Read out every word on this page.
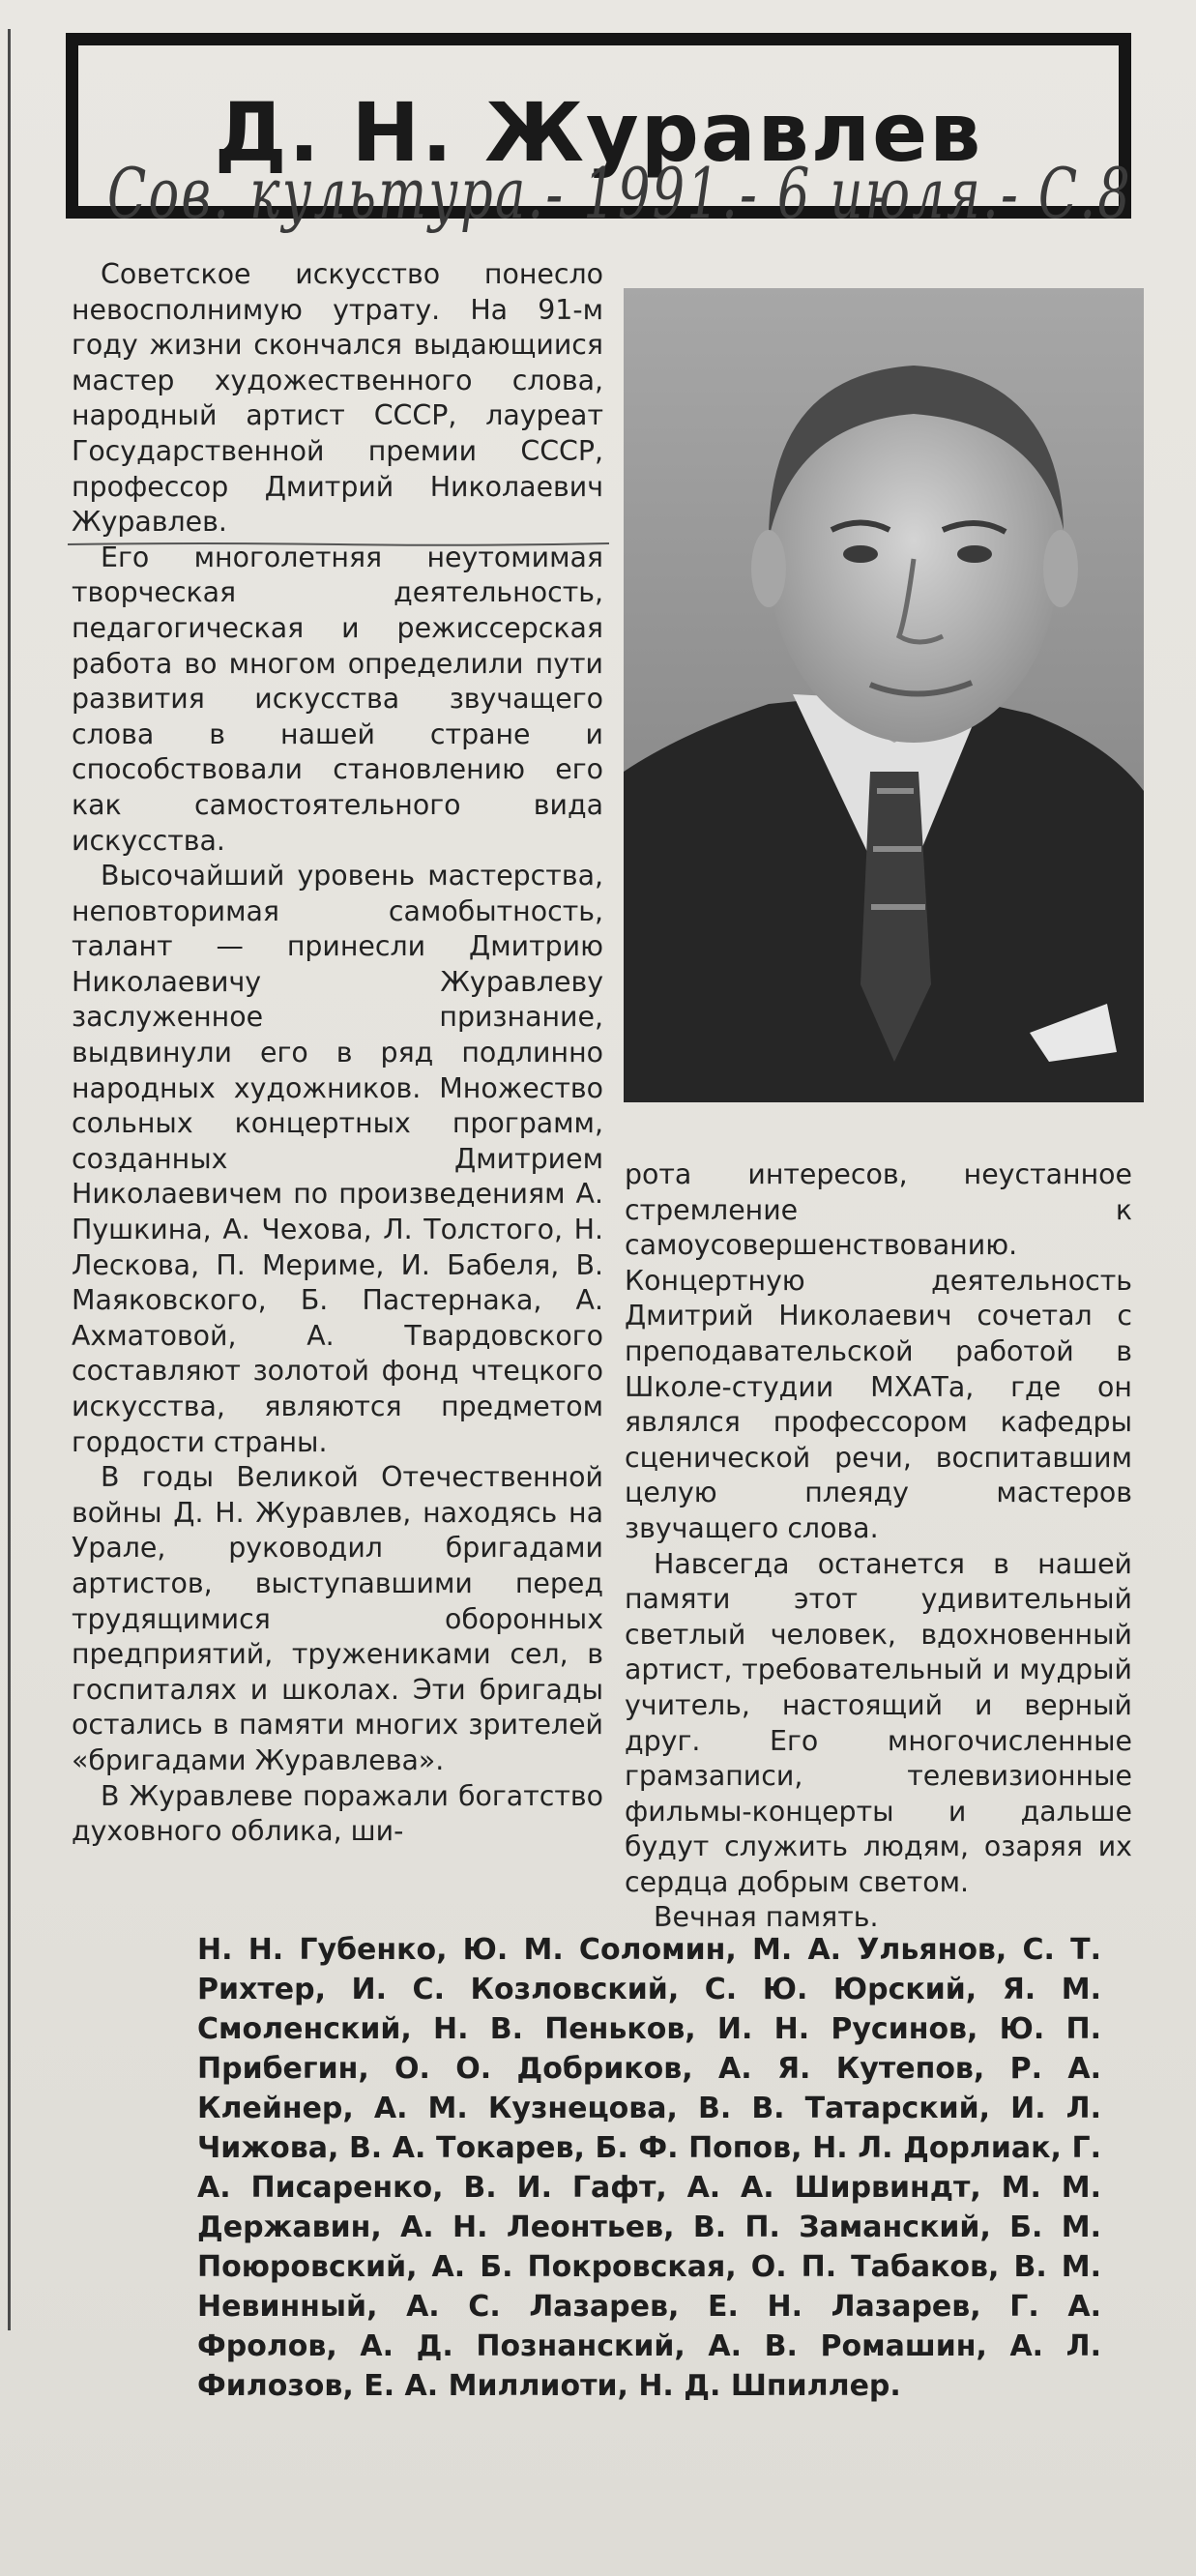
Д. Н. Журавлев
Сов. культура.- 1991.- 6 июля.- С.8

Советское искусство понесло невосполнимую утрату. На 91-м году жизни скончался выдающиися мастер художественного слова, народный артист СССР, лауреат Государственной премии СССР, профессор Дмитрий Николаевич Журавлев.

Его многолетняя неутомимая творческая деятельность, педагогическая и режиссерская работа во многом определили пути развития искусства звучащего слова в нашей стране и способствовали становлению его как самостоятельного вида искусства.

Высочайший уровень мастерства, неповторимая самобытность, талант — принесли Дмитрию Николаевичу Журавлеву заслуженное признание, выдвинули его в ряд подлинно народных художников. Множество сольных концертных программ, созданных Дмитрием Николаевичем по произведениям А. Пушкина, А. Чехова, Л. Толстого, Н. Лескова, П. Мериме, И. Бабеля, В. Маяковского, Б. Пастернака, А. Ахматовой, А. Твардовского составляют золотой фонд чтецкого искусства, являются предметом гордости страны.

В годы Великой Отечественной войны Д. Н. Журавлев, находясь на Урале, руководил бригадами артистов, выступавшими перед трудящимися оборонных предприятий, тружениками сел, в госпиталях и школах. Эти бригады остались в памяти многих зрителей «бригадами Журавлева».

В Журавлеве поражали богатство духовного облика, ши-

рота интересов, неустанное стремление к самоусовершенствованию. Концертную деятельность Дмитрий Николаевич сочетал с преподавательской работой в Школе-студии МХАТа, где он являлся профессором кафедры сценической речи, воспитавшим целую плеяду мастеров звучащего слова.

Навсегда останется в нашей памяти этот удивительный светлый человек, вдохновенный артист, требовательный и мудрый учитель, настоящий и верный друг. Его многочисленные грамзаписи, телевизионные фильмы-концерты и дальше будут служить людям, озаряя их сердца добрым светом.

Вечная память.

Н. Н. Губенко, Ю. М. Соломин, М. А. Ульянов, С. Т. Рихтер, И. С. Козловский, С. Ю. Юрский, Я. М. Смоленский, Н. В. Пеньков, И. Н. Русинов, Ю. П. Прибегин, О. О. Добриков, А. Я. Кутепов, Р. А. Клейнер, А. М. Кузнецова, В. В. Татарский, И. Л. Чижова, В. А. Токарев, Б. Ф. Попов, Н. Л. Дорлиак, Г. А. Писаренко, В. И. Гафт, А. А. Ширвиндт, М. М. Державин, А. Н. Леонтьев, В. П. Заманский, Б. М. Поюровский, А. Б. Покровская, О. П. Табаков, В. М. Невинный, А. С. Лазарев, Е. Н. Лазарев, Г. А. Фролов, А. Д. Познанский, А. В. Ромашин, А. Л. Филозов, Е. А. Миллиоти, Н. Д. Шпиллер.
